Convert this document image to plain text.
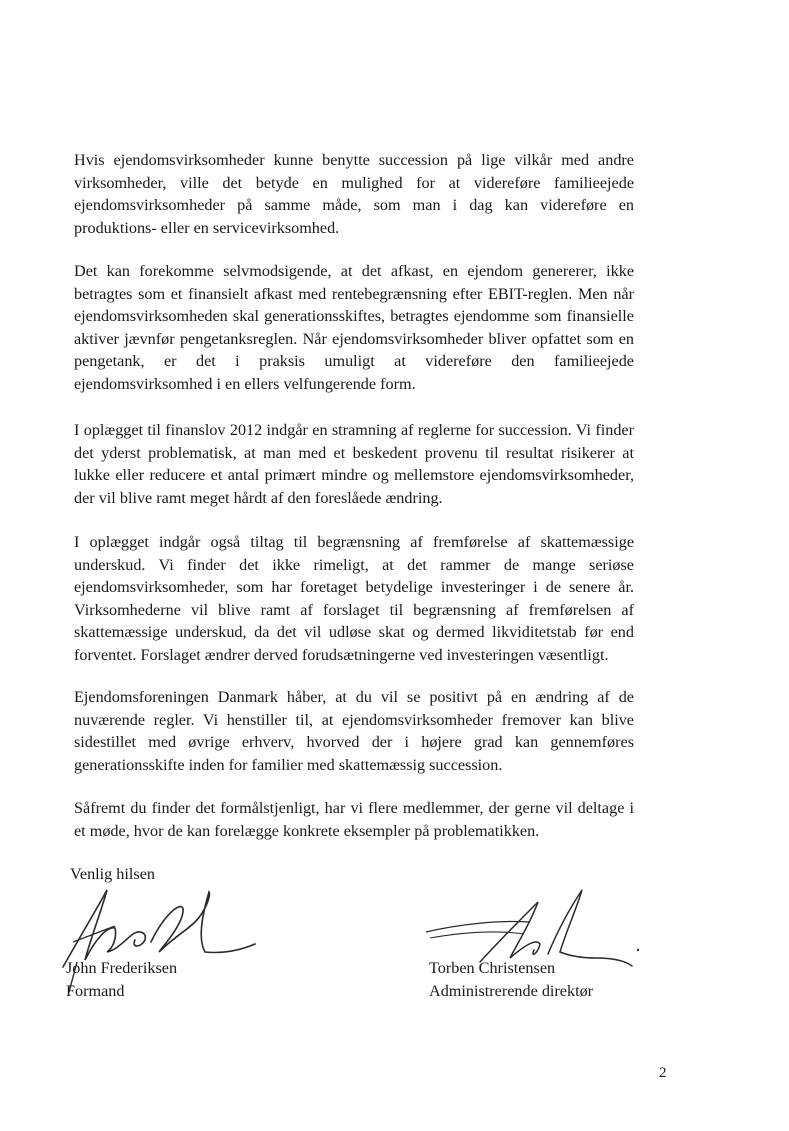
Hvis ejendomsvirksomheder kunne benytte succession på lige vilkår med andre virksomheder, ville det betyde en mulighed for at videreføre familieejede ejendomsvirksomheder på samme måde, som man i dag kan videreføre en produktions- eller en servicevirksomhed.

Det kan forekomme selvmodsigende, at det afkast, en ejendom genererer, ikke betragtes som et finansielt afkast med rentebegrænsning efter EBIT-reglen. Men når ejendomsvirksomheden skal generationsskiftes, betragtes ejendomme som finansielle aktiver jævnfør pengetanksreglen. Når ejendomsvirksomheder bliver opfattet som en pengetank, er det i praksis umuligt at videreføre den familieejede ejendomsvirksomhed i en ellers velfungerende form.

I oplægget til finanslov 2012 indgår en stramning af reglerne for succession. Vi finder det yderst problematisk, at man med et beskedent provenu til resultat risikerer at lukke eller reducere et antal primært mindre og mellemstore ejendomsvirksomheder, der vil blive ramt meget hårdt af den foreslåede ændring.

I oplægget indgår også tiltag til begrænsning af fremførelse af skattemæssige underskud. Vi finder det ikke rimeligt, at det rammer de mange seriøse ejendomsvirksomheder, som har foretaget betydelige investeringer i de senere år. Virksomhederne vil blive ramt af forslaget til begrænsning af fremførelsen af skattemæssige underskud, da det vil udløse skat og dermed likviditetstab før end forventet. Forslaget ændrer derved forudsætningerne ved investeringen væsentligt.

Ejendomsforeningen Danmark håber, at du vil se positivt på en ændring af de nuværende regler. Vi henstiller til, at ejendomsvirksomheder fremover kan blive sidestillet med øvrige erhverv, hvorved der i højere grad kan gennemføres generationsskifte inden for familier med skattemæssig succession.

Såfremt du finder det formålstjenligt, har vi flere medlemmer, der gerne vil deltage i et møde, hvor de kan forelægge konkrete eksempler på problematikken.

Venlig hilsen

John Frederiksen
Formand
Torben Christensen
Administrerende direktør
2
